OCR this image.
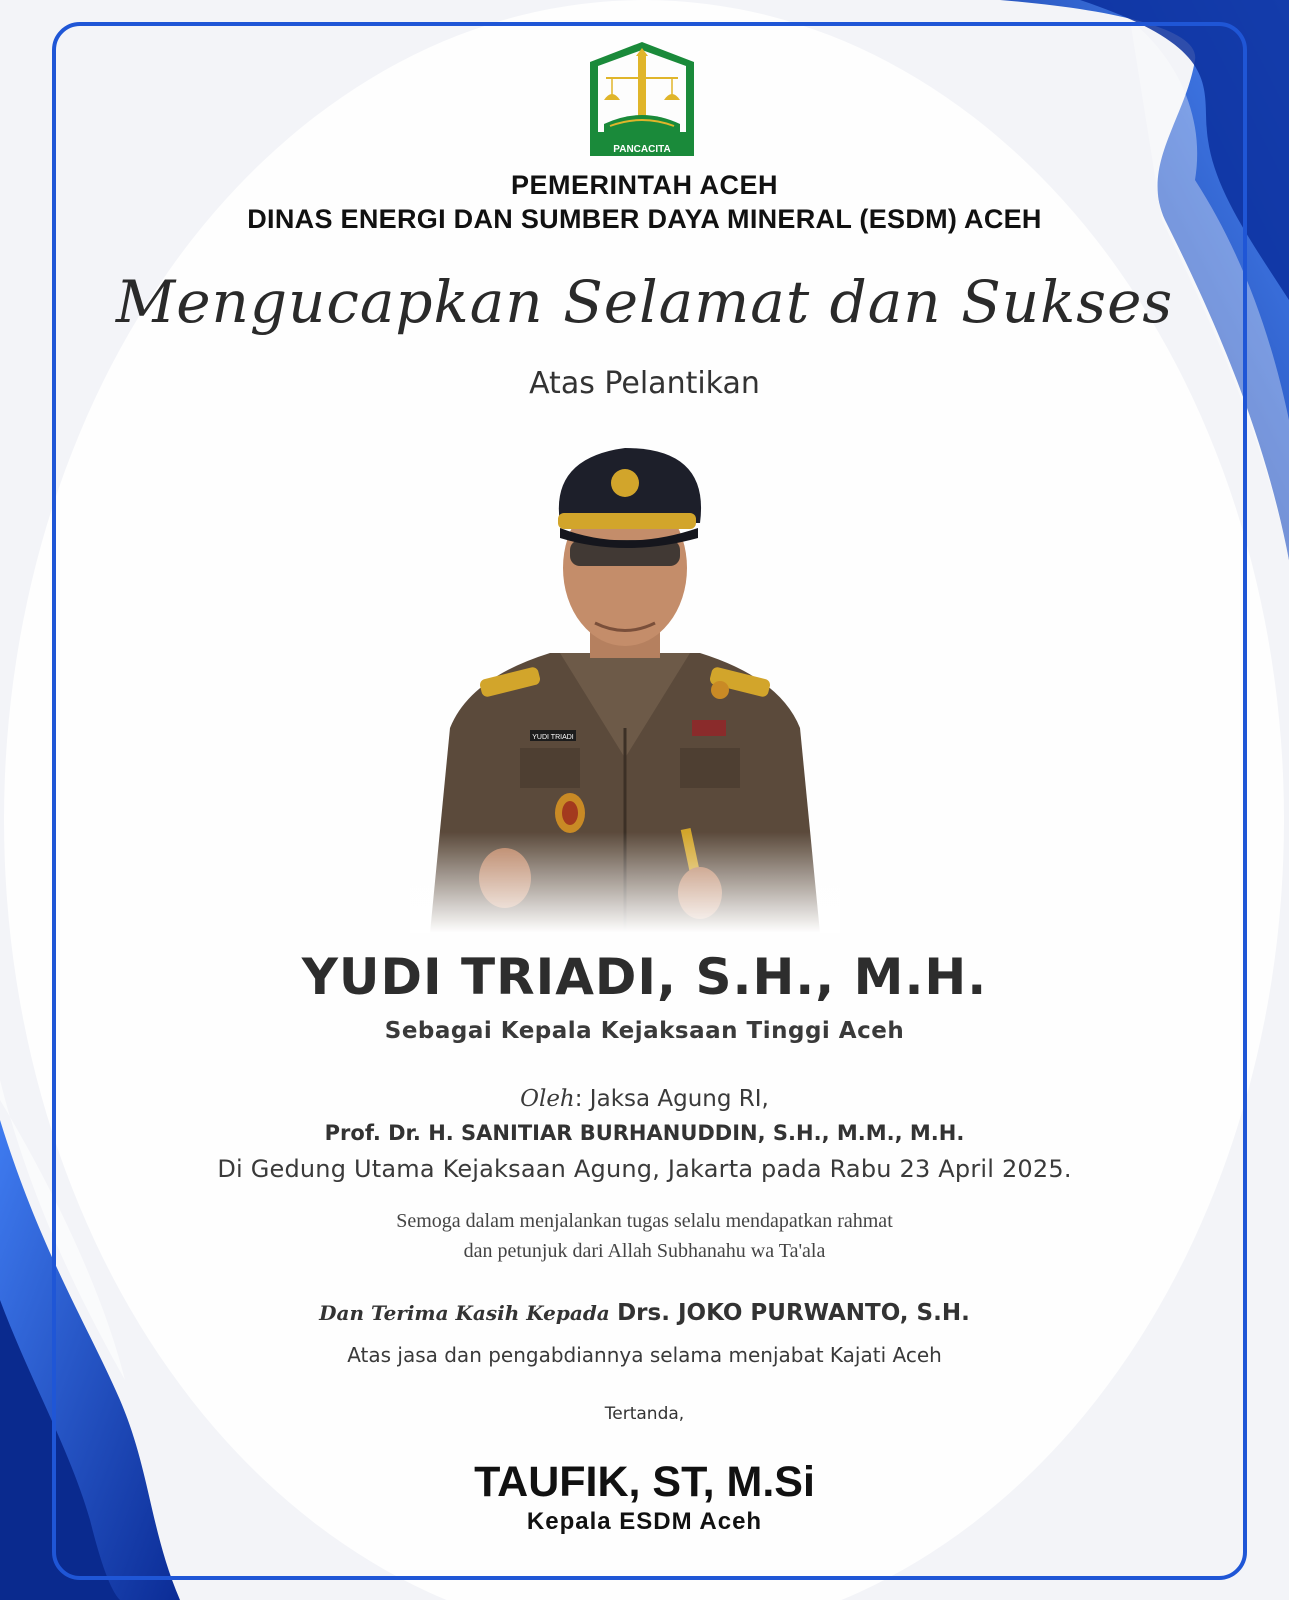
PANCACITA
PEMERINTAH ACEH
DINAS ENERGI DAN SUMBER DAYA MINERAL (ESDM) ACEH
Mengucapkan Selamat dan Sukses
Atas Pelantikan
YUDI TRIADI, S.H., M.H.
Sebagai Kepala Kejaksaan Tinggi Aceh
Oleh: Jaksa Agung RI,
Prof. Dr. H. SANITIAR BURHANUDDIN, S.H., M.M., M.H.
Di Gedung Utama Kejaksaan Agung, Jakarta pada Rabu 23 April 2025.
Semoga dalam menjalankan tugas selalu mendapatkan rahmat
dan petunjuk dari Allah Subhanahu wa Ta'ala
Dan Terima Kasih Kepada Drs. JOKO PURWANTO, S.H.
Atas jasa dan pengabdiannya selama menjabat Kajati Aceh
Tertanda,
TAUFIK, ST, M.Si
Kepala ESDM Aceh
